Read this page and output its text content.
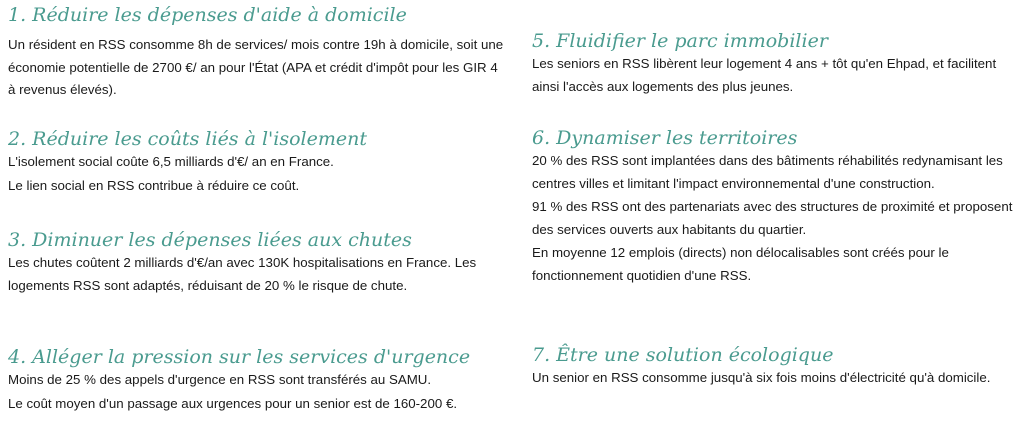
1. Réduire les dépenses d'aide à domicile

Un résident en RSS consomme 8h de services/ mois contre 19h à domicile, soit une économie potentielle de 2700 €/ an pour l'État (APA et crédit d'impôt pour les GIR 4 à revenus élevés).

2. Réduire les coûts liés à l'isolement

L'isolement social coûte 6,5 milliards d'€/ an en France.

Le lien social en RSS contribue à réduire ce coût.

3. Diminuer les dépenses liées aux chutes

Les chutes coûtent 2 milliards d'€/an avec 130K hospitalisations en France. Les logements RSS sont adaptés, réduisant de 20 % le risque de chute.

4. Alléger la pression sur les services d'urgence

Moins de 25 % des appels d'urgence en RSS sont transférés au SAMU.

Le coût moyen d'un passage aux urgences pour un senior est de 160-200 €.

5. Fluidifier le parc immobilier

Les seniors en RSS libèrent leur logement 4 ans + tôt qu'en Ehpad, et facilitent ainsi l'accès aux logements des plus jeunes.

6. Dynamiser les territoires

20 % des RSS sont implantées dans des bâtiments réhabilités redynamisant les centres villes et limitant l'impact environnemental d'une construction.

91 % des RSS ont des partenariats avec des structures de proximité et proposent des services ouverts aux habitants du quartier.

En moyenne 12 emplois (directs) non délocalisables sont créés pour le fonctionnement quotidien d'une RSS.

7. Être une solution écologique

Un senior en RSS consomme jusqu'à six fois moins d'électricité qu'à domicile.
